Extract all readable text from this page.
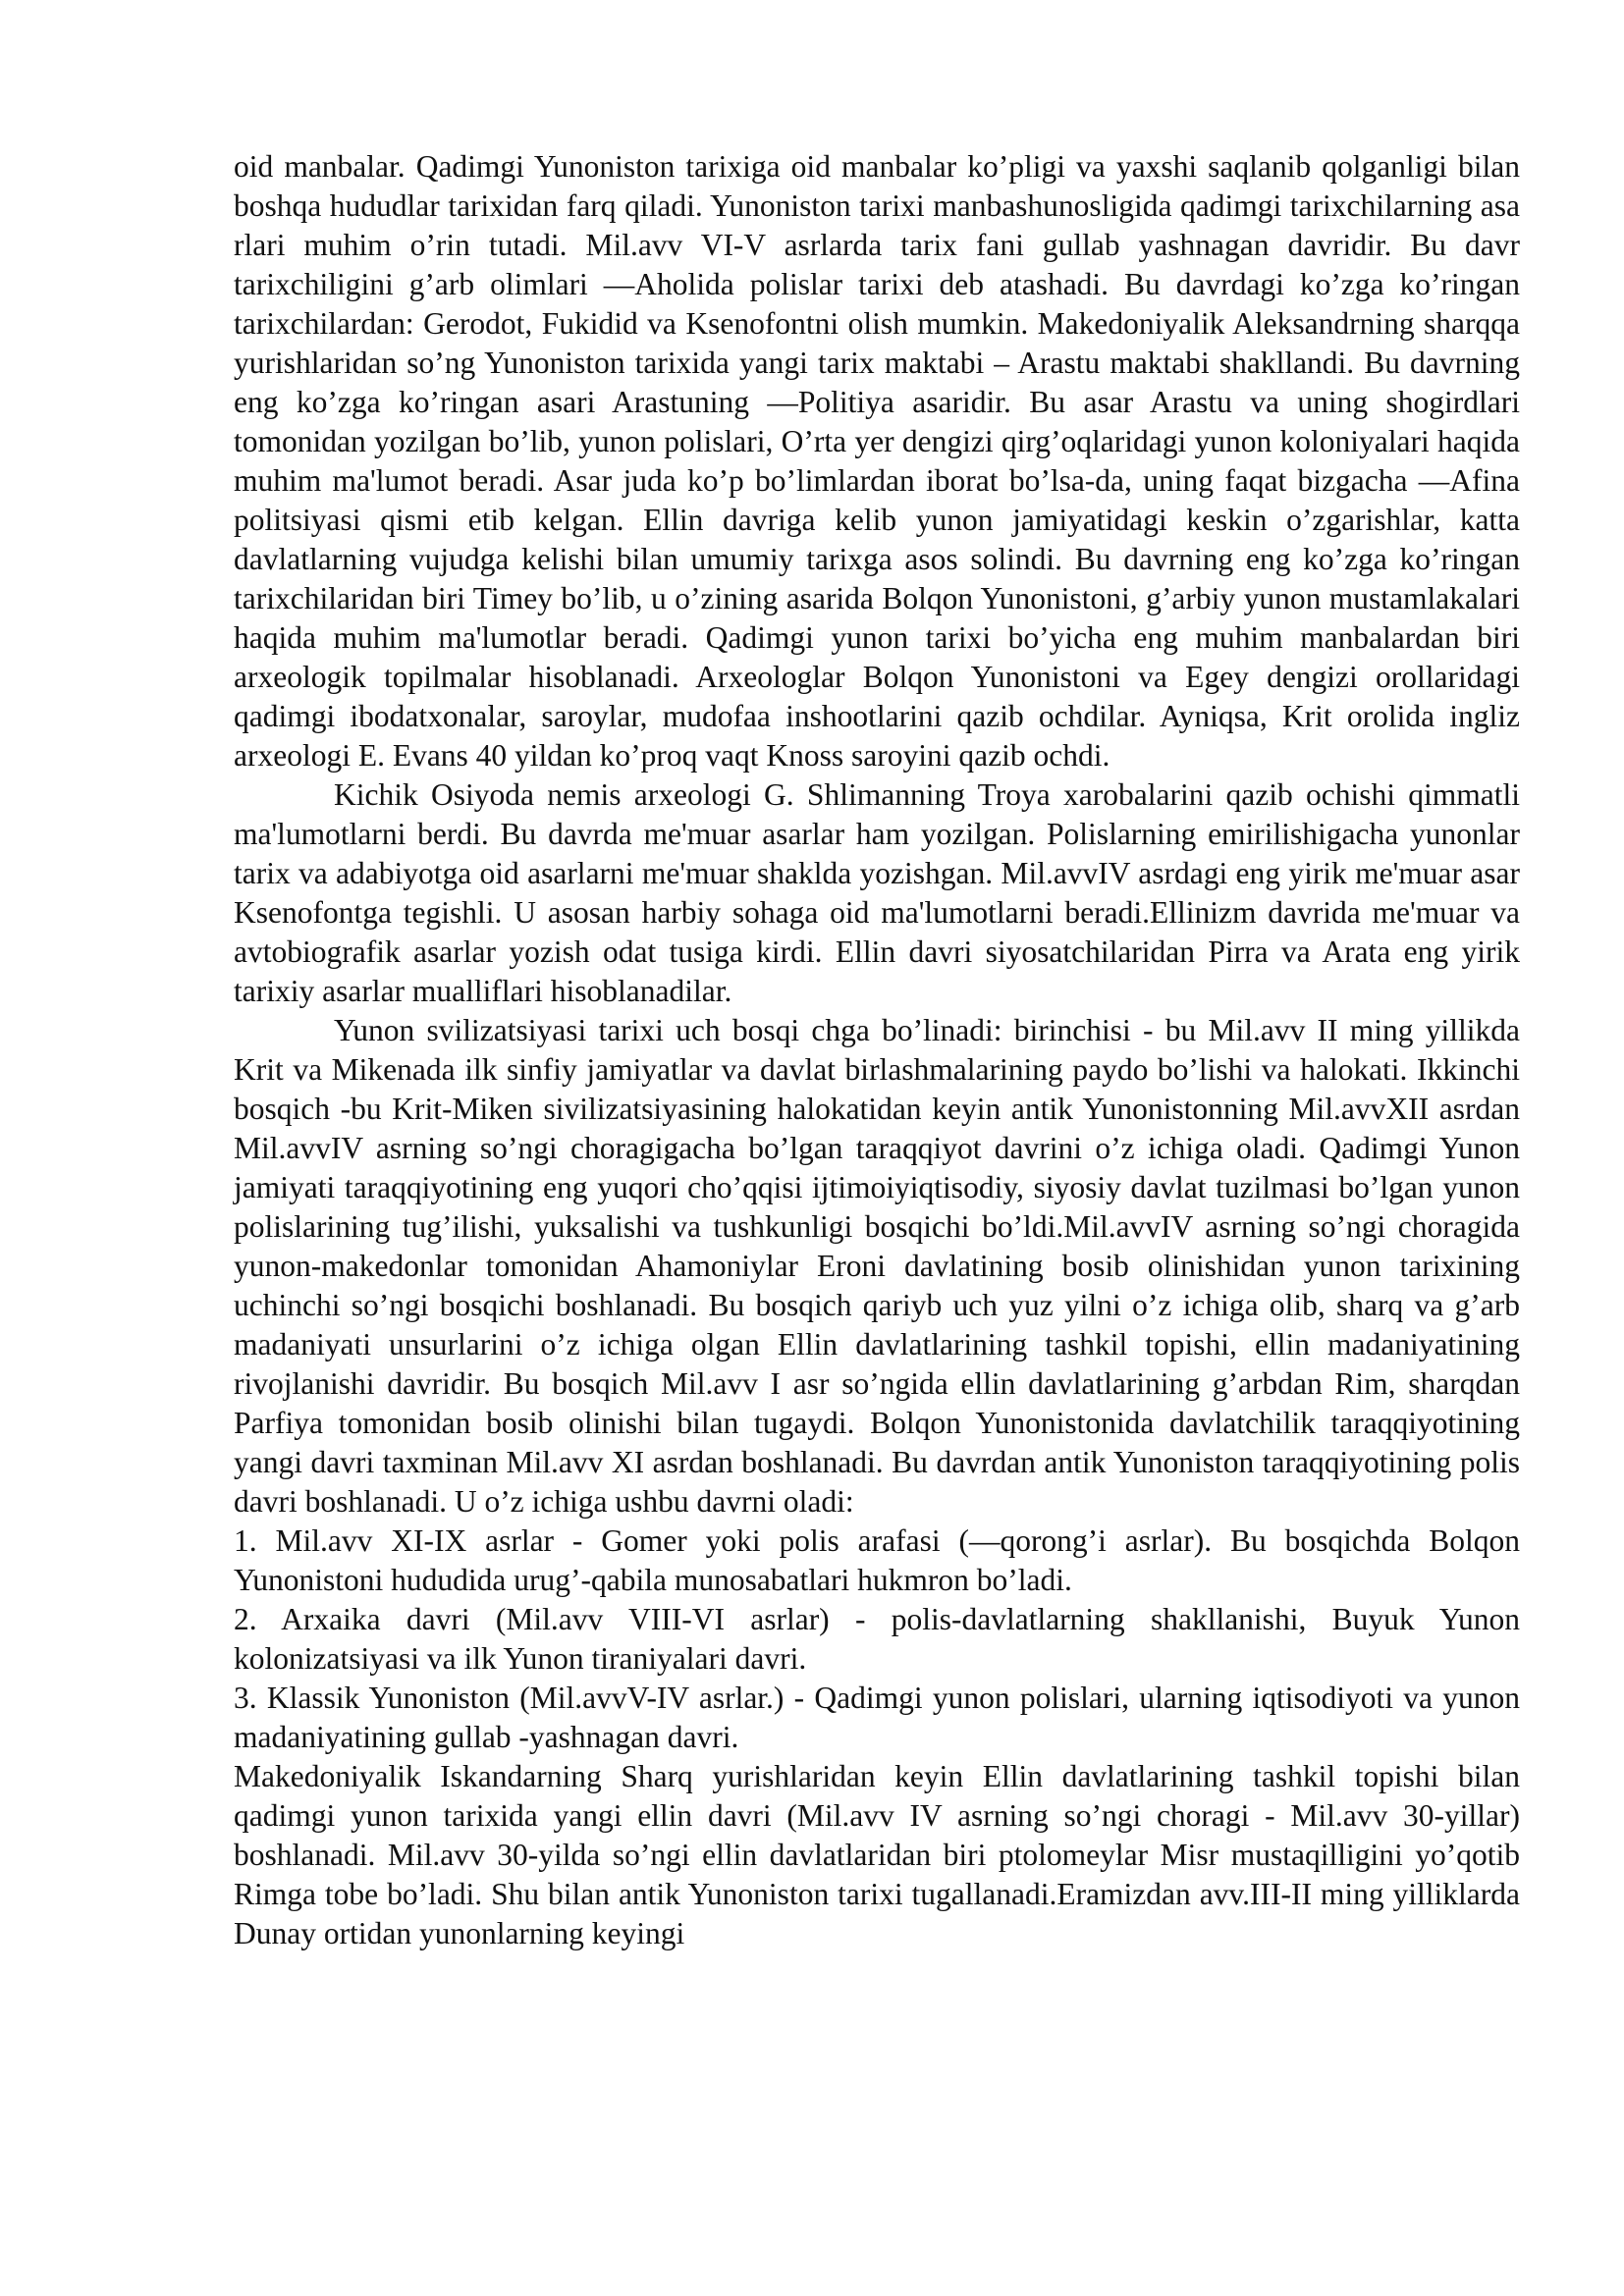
oid manbalar. Qadimgi Yunoniston tarixiga oid manbalar ko’pligi va yaxshi saqlanib qolganligi bilan boshqa hududlar tarixidan farq qiladi. Yunoniston tarixi manbashunosligida qadimgi tarixchilarning asa rlari muhim o’rin tutadi. Mil.avv VI-V asrlarda tarix fani gullab yashnagan davridir. Bu davr tarixchiligini g’arb olimlari ―Aholida polislar tarixi deb atashadi. Bu davrdagi ko’zga ko’ringan tarixchilardan: Gerodot, Fukidid va Ksenofontni olish mumkin. Makedoniyalik Aleksandrning sharqqa yurishlaridan so’ng Yunoniston tarixida yangi tarix maktabi – Arastu maktabi shakllandi. Bu davrning eng ko’zga ko’ringan asari Arastuning ―Politiya asaridir. Bu asar Arastu va uning shogirdlari tomonidan yozilgan bo’lib, yunon polislari, O’rta yer dengizi qirg’oqlaridagi yunon koloniyalari haqida muhim ma'lumot beradi. Asar juda ko’p bo’limlardan iborat bo’lsa-da, uning faqat bizgacha ―Afina politsiyasi qismi etib kelgan. Ellin davriga kelib yunon jamiyatidagi keskin o’zgarishlar, katta davlatlarning vujudga kelishi bilan umumiy tarixga asos solindi. Bu davrning eng ko’zga ko’ringan tarixchilaridan biri Timey bo’lib, u o’zining asarida Bolqon Yunonistoni, g’arbiy yunon mustamlakalari haqida muhim ma'lumotlar beradi. Qadimgi yunon tarixi bo’yicha eng muhim manbalardan biri arxeologik topilmalar hisoblanadi. Arxeologlar Bolqon Yunonistoni va Egey dengizi orollaridagi qadimgi ibodatxonalar, saroylar, mudofaa inshootlarini qazib ochdilar. Ayniqsa, Krit orolida ingliz arxeologi E. Evans 40 yildan ko’proq vaqt Knoss saroyini qazib ochdi.

Kichik Osiyoda nemis arxeologi G. Shlimanning Troya xarobalarini qazib ochishi qimmatli ma'lumotlarni berdi. Bu davrda me'muar asarlar ham yozilgan. Polislarning emirilishigacha yunonlar tarix va adabiyotga oid asarlarni me'muar shaklda yozishgan. Mil.avvIV asrdagi eng yirik me'muar asar Ksenofontga tegishli. U asosan harbiy sohaga oid ma'lumotlarni beradi.Ellinizm davrida me'muar va avtobiografik asarlar yozish odat tusiga kirdi. Ellin davri siyosatchilaridan Pirra va Arata eng yirik tarixiy asarlar mualliflari hisoblanadilar.

Yunon svilizatsiyasi tarixi uch bosqi chga bo’linadi: birinchisi - bu Mil.avv II ming yillikda Krit va Mikenada ilk sinfiy jamiyatlar va davlat birlashmalarining paydo bo’lishi va halokati. Ikkinchi bosqich -bu Krit-Miken sivilizatsiyasining halokatidan keyin antik Yunonistonning Mil.avvXII asrdan Mil.avvIV asrning so’ngi choragigacha bo’lgan taraqqiyot davrini o’z ichiga oladi. Qadimgi Yunon jamiyati taraqqiyotining eng yuqori cho’qqisi ijtimoiyiqtisodiy, siyosiy davlat tuzilmasi bo’lgan yunon polislarining tug’ilishi, yuksalishi va tushkunligi bosqichi bo’ldi.Mil.avvIV asrning so’ngi choragida yunon-makedonlar tomonidan Ahamoniylar Eroni davlatining bosib olinishidan yunon tarixining uchinchi so’ngi bosqichi boshlanadi. Bu bosqich qariyb uch yuz yilni o’z ichiga olib, sharq va g’arb madaniyati unsurlarini o’z ichiga olgan Ellin davlatlarining tashkil topishi, ellin madaniyatining rivojlanishi davridir. Bu bosqich Mil.avv I asr so’ngida ellin davlatlarining g’arbdan Rim, sharqdan Parfiya tomonidan bosib olinishi bilan tugaydi. Bolqon Yunonistonida davlatchilik taraqqiyotining yangi davri taxminan Mil.avv XI asrdan boshlanadi. Bu davrdan antik Yunoniston taraqqiyotining polis davri boshlanadi. U o’z ichiga ushbu davrni oladi:

1. Mil.avv XI-IX asrlar - Gomer yoki polis arafasi (―qorong’i asrlar). Bu bosqichda Bolqon Yunonistoni hududida urug’-qabila munosabatlari hukmron bo’ladi.

2. Arxaika davri (Mil.avv VIII-VI asrlar) - polis-davlatlarning shakllanishi, Buyuk Yunon kolonizatsiyasi va ilk Yunon tiraniyalari davri.

3. Klassik Yunoniston (Mil.avvV-IV asrlar.) - Qadimgi yunon polislari, ularning iqtisodiyoti va yunon madaniyatining gullab -yashnagan davri.

Makedoniyalik Iskandarning Sharq yurishlaridan keyin Ellin davlatlarining tashkil topishi bilan qadimgi yunon tarixida yangi ellin davri (Mil.avv IV asrning so’ngi choragi - Mil.avv 30-yillar) boshlanadi. Mil.avv 30-yilda so’ngi ellin davlatlaridan biri ptolomeylar Misr mustaqilligini yo’qotib Rimga tobe bo’ladi. Shu bilan antik Yunoniston tarixi tugallanadi.Eramizdan avv.III-II ming yilliklarda Dunay ortidan yunonlarning keyingi
